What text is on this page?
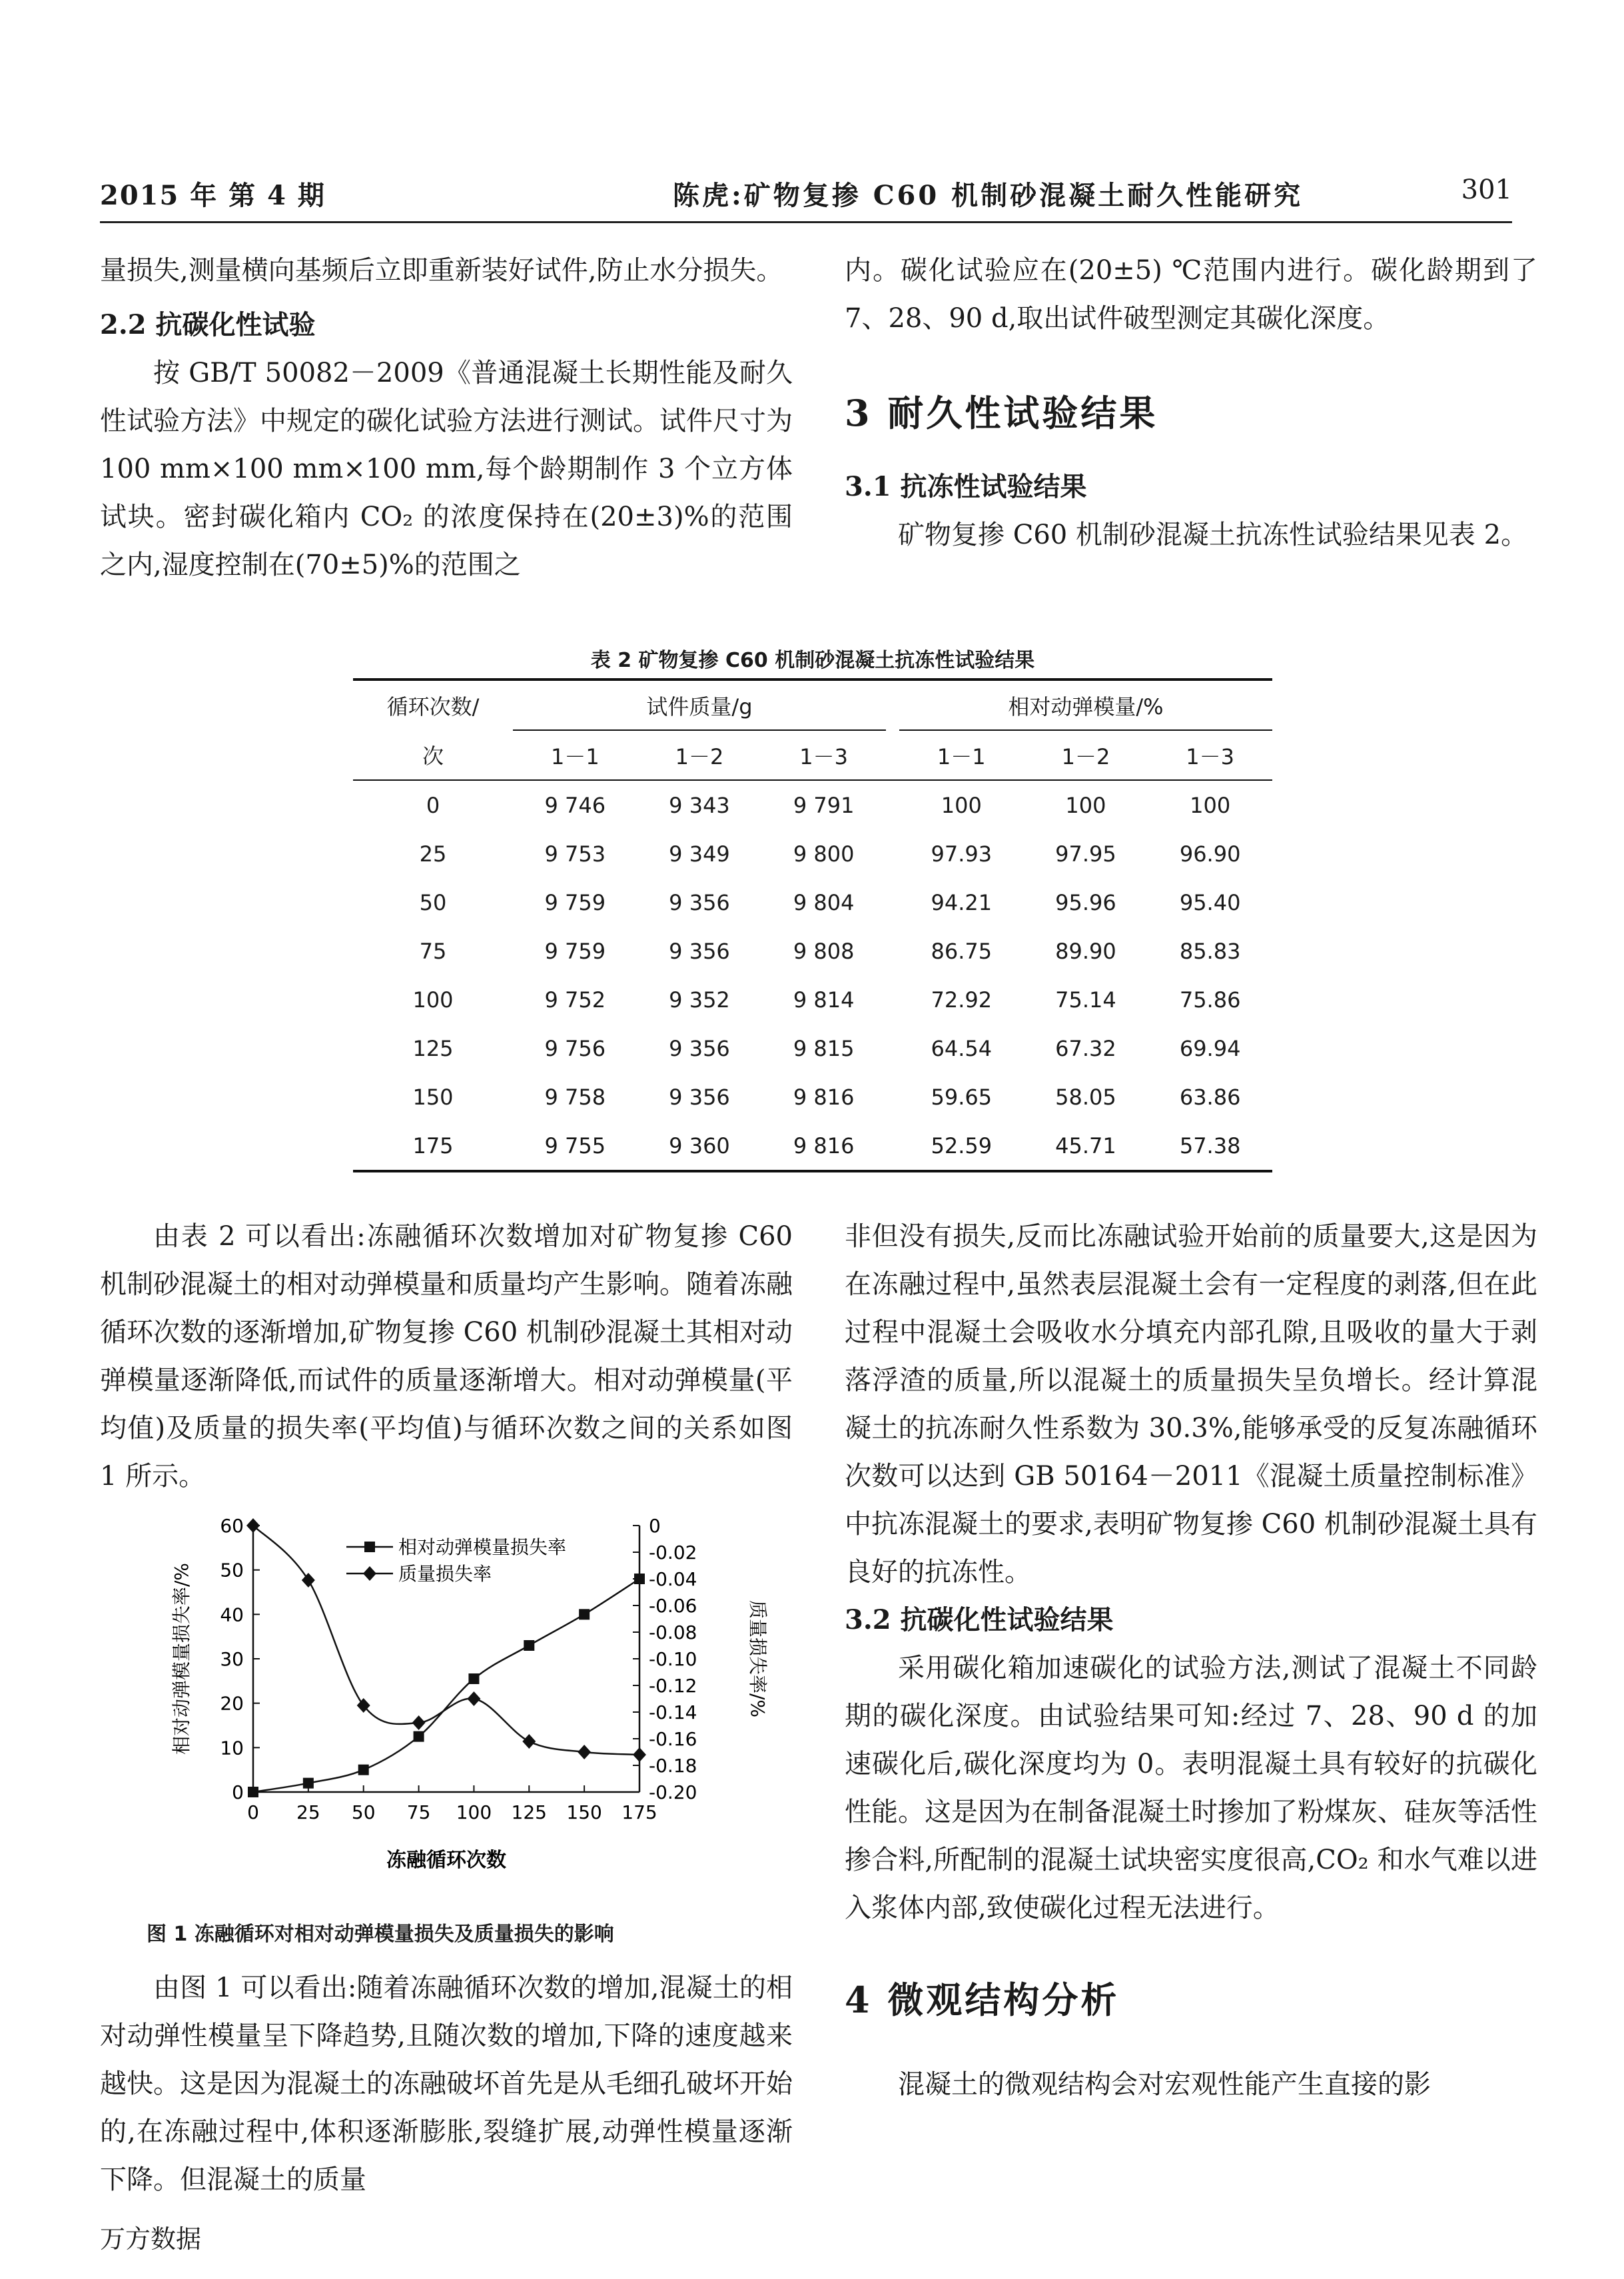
2015 年 第 4 期	陈虎:矿物复掺 C60 机制砂混凝土耐久性能研究	301

量损失,测量横向基频后立即重新装好试件,防止水分损失。

2.2 抗碳化性试验

按 GB/T 50082－2009《普通混凝土长期性能及耐久性试验方法》中规定的碳化试验方法进行测试。试件尺寸为 100 mm×100 mm×100 mm,每个龄期制作 3 个立方体试块。密封碳化箱内 CO₂ 的浓度保持在(20±3)%的范围之内,湿度控制在(70±5)%的范围之

内。碳化试验应在(20±5) ℃范围内进行。碳化龄期到了 7、28、90 d,取出试件破型测定其碳化深度。

3 耐久性试验结果

3.1 抗冻性试验结果

矿物复掺 C60 机制砂混凝土抗冻性试验结果见表 2。

表 2 矿物复掺 C60 机制砂混凝土抗冻性试验结果
循环次数/	试件质量/g				相对动弹模量/%		
次	1－1	1－2	1－3		1－1	1－2	1－3
0	9 746	9 343	9 791		100	100	100
25	9 753	9 349	9 800		97.93	97.95	96.90
50	9 759	9 356	9 804		94.21	95.96	95.40
75	9 759	9 356	9 808		86.75	89.90	85.83
100	9 752	9 352	9 814		72.92	75.14	75.86
125	9 756	9 356	9 815		64.54	67.32	69.94
150	9 758	9 356	9 816		59.65	58.05	63.86
175	9 755	9 360	9 816		52.59	45.71	57.38

由表 2 可以看出:冻融循环次数增加对矿物复掺 C60 机制砂混凝土的相对动弹模量和质量均产生影响。随着冻融循环次数的逐渐增加,矿物复掺 C60 机制砂混凝土其相对动弹模量逐渐降低,而试件的质量逐渐增大。相对动弹模量(平均值)及质量的损失率(平均值)与循环次数之间的关系如图 1 所示。

0
10
20
30
40
50
60	0
-0.02
-0.04
-0.06
-0.08
-0.10
-0.12
-0.14
-0.16
-0.18
-0.20
0 25 50 75 100 125 150 175
冻融循环次数
相对动弹模量损失率/%	质量损失率/%
相对动弹模量损失率
质量损失率
图 1 冻融循环对相对动弹模量损失及质量损失的影响

由图 1 可以看出:随着冻融循环次数的增加,混凝土的相对动弹性模量呈下降趋势,且随次数的增加,下降的速度越来越快。这是因为混凝土的冻融破坏首先是从毛细孔破坏开始的,在冻融过程中,体积逐渐膨胀,裂缝扩展,动弹性模量逐渐下降。但混凝土的质量

非但没有损失,反而比冻融试验开始前的质量要大,这是因为在冻融过程中,虽然表层混凝土会有一定程度的剥落,但在此过程中混凝土会吸收水分填充内部孔隙,且吸收的量大于剥落浮渣的质量,所以混凝土的质量损失呈负增长。经计算混凝土的抗冻耐久性系数为 30.3%,能够承受的反复冻融循环次数可以达到 GB 50164－2011《混凝土质量控制标准》中抗冻混凝土的要求,表明矿物复掺 C60 机制砂混凝土具有良好的抗冻性。

3.2 抗碳化性试验结果

采用碳化箱加速碳化的试验方法,测试了混凝土不同龄期的碳化深度。由试验结果可知:经过 7、28、90 d 的加速碳化后,碳化深度均为 0。表明混凝土具有较好的抗碳化性能。这是因为在制备混凝土时掺加了粉煤灰、硅灰等活性掺合料,所配制的混凝土试块密实度很高,CO₂ 和水气难以进入浆体内部,致使碳化过程无法进行。

4 微观结构分析

混凝土的微观结构会对宏观性能产生直接的影

万方数据
